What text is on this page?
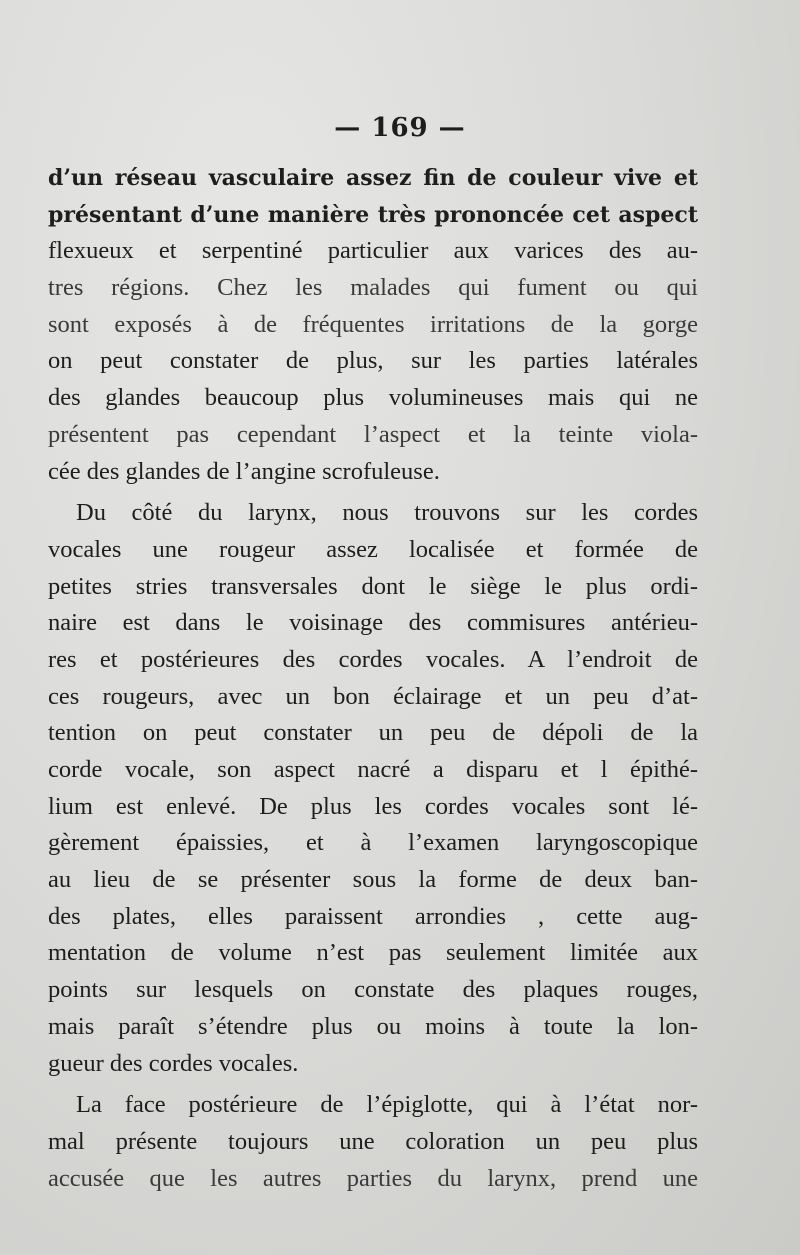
— 169 —
d’un réseau vasculaire assez fin de couleur vive et
présentant d’une manière très prononcée cet aspect
flexueux et serpentiné particulier aux varices des au-
tres régions. Chez les malades qui fument ou qui
sont exposés à de fréquentes irritations de la gorge
on peut constater de plus, sur les parties latérales
des glandes beaucoup plus volumineuses mais qui ne
présentent pas cependant l’aspect et la teinte viola-
cée des glandes de l’angine scrofuleuse.
Du côté du larynx, nous trouvons sur les cordes
vocales une rougeur assez localisée et formée de
petites stries transversales dont le siège le plus ordi-
naire est dans le voisinage des commisures antérieu-
res et postérieures des cordes vocales. A l’endroit de
ces rougeurs, avec un bon éclairage et un peu d’at-
tention on peut constater un peu de dépoli de la
corde vocale, son aspect nacré a disparu et l épithé-
lium est enlevé. De plus les cordes vocales sont lé-
gèrement épaissies, et à l’examen laryngoscopique
au lieu de se présenter sous la forme de deux ban-
des plates, elles paraissent arrondies , cette aug-
mentation de volume n’est pas seulement limitée aux
points sur lesquels on constate des plaques rouges,
mais paraît s’étendre plus ou moins à toute la lon-
gueur des cordes vocales.
La face postérieure de l’épiglotte, qui à l’état nor-
mal présente toujours une coloration un peu plus
accusée que les autres parties du larynx, prend une
